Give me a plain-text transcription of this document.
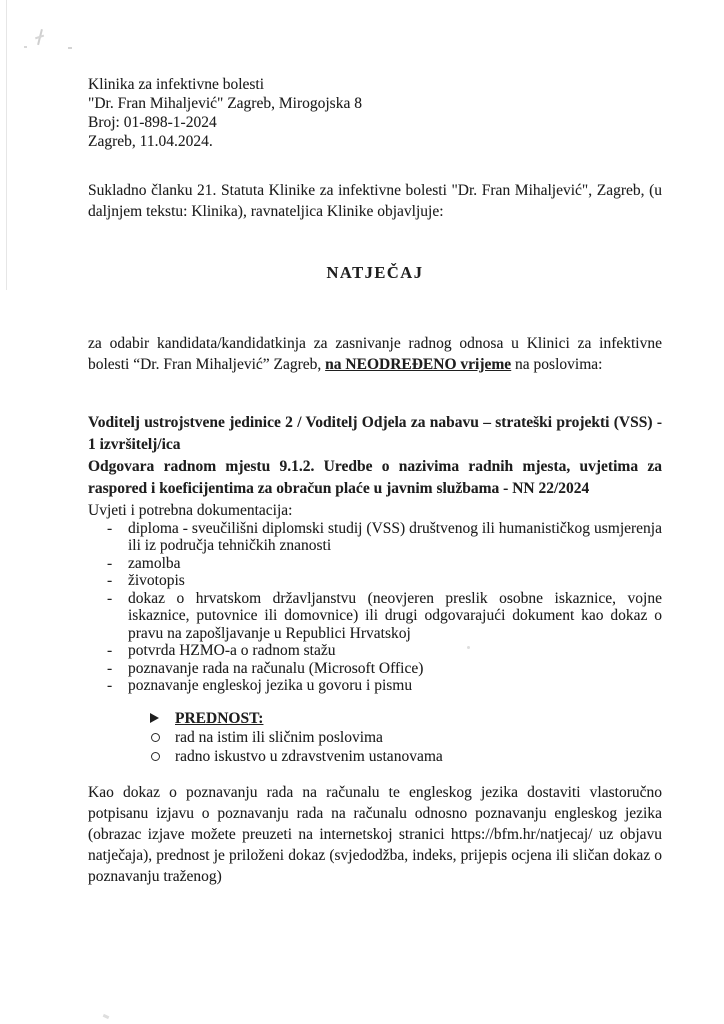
Klinika za infektivne bolesti

"Dr. Fran Mihaljević" Zagreb, Mirogojska 8

Broj: 01-898-1-2024

Zagreb, 11.04.2024.

Sukladno članku 21. Statuta Klinike za infektivne bolesti "Dr. Fran Mihaljević", Zagreb, (u daljnjem tekstu: Klinika), ravnateljica Klinike objavljuje:

NATJEČAJ

za odabir kandidata/kandidatkinja za zasnivanje radnog odnosa u Klinici za infektivne bolesti “Dr. Fran Mihaljević” Zagreb, na NEODREĐENO vrijeme na poslovima:

Voditelj ustrojstvene jedinice 2 / Voditelj Odjela za nabavu – strateški projekti (VSS) - 1 izvršitelj/ica

Odgovara radnom mjestu 9.1.2. Uredbe o nazivima radnih mjesta, uvjetima za raspored i koeficijentima za obračun plaće u javnim službama - NN 22/2024

Uvjeti i potrebna dokumentacija:

-	diploma - sveučilišni diplomski studij (VSS) društvenog ili humanističkog usmjerenja ili iz područja tehničkih znanosti
-	zamolba
-	životopis
-	dokaz o hrvatskom državljanstvu (neovjeren preslik osobne iskaznice, vojne iskaznice, putovnice ili domovnice) ili drugi odgovarajući dokument kao dokaz o pravu na zapošljavanje u Republici Hrvatskoj
-	potvrda HZMO-a o radnom stažu
-	poznavanje rada na računalu (Microsoft Office)
-	poznavanje engleskoj jezika u govoru i pismu
PREDNOST:
rad na istim ili sličnim poslovima
radno iskustvo u zdravstvenim ustanovama

Kao dokaz o poznavanju rada na računalu te engleskog jezika dostaviti vlastoručno potpisanu izjavu o poznavanju rada na računalu odnosno poznavanju engleskog jezika (obrazac izjave možete preuzeti na internetskoj stranici https://bfm.hr/natjecaj/ uz objavu natječaja), prednost je priloženi dokaz (svjedodžba, indeks, prijepis ocjena ili sličan dokaz o poznavanju traženog)
